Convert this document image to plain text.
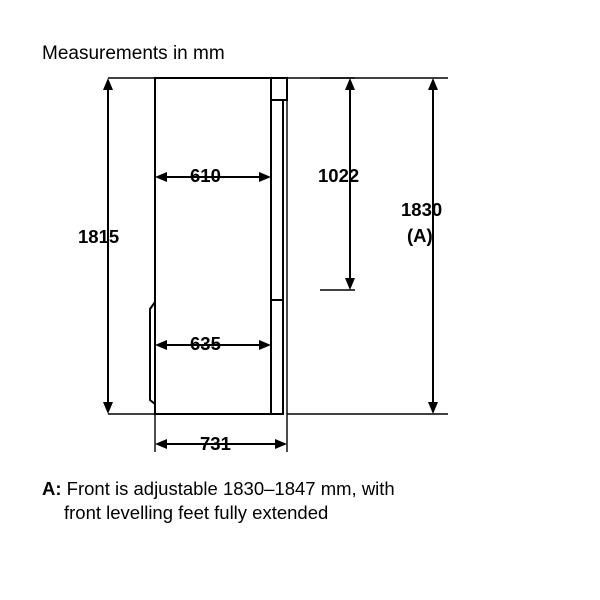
Measurements in mm
1815
610
635
731
1022
1830
(A)
A: Front is adjustable 1830–1847 mm, with
front levelling feet fully extended
